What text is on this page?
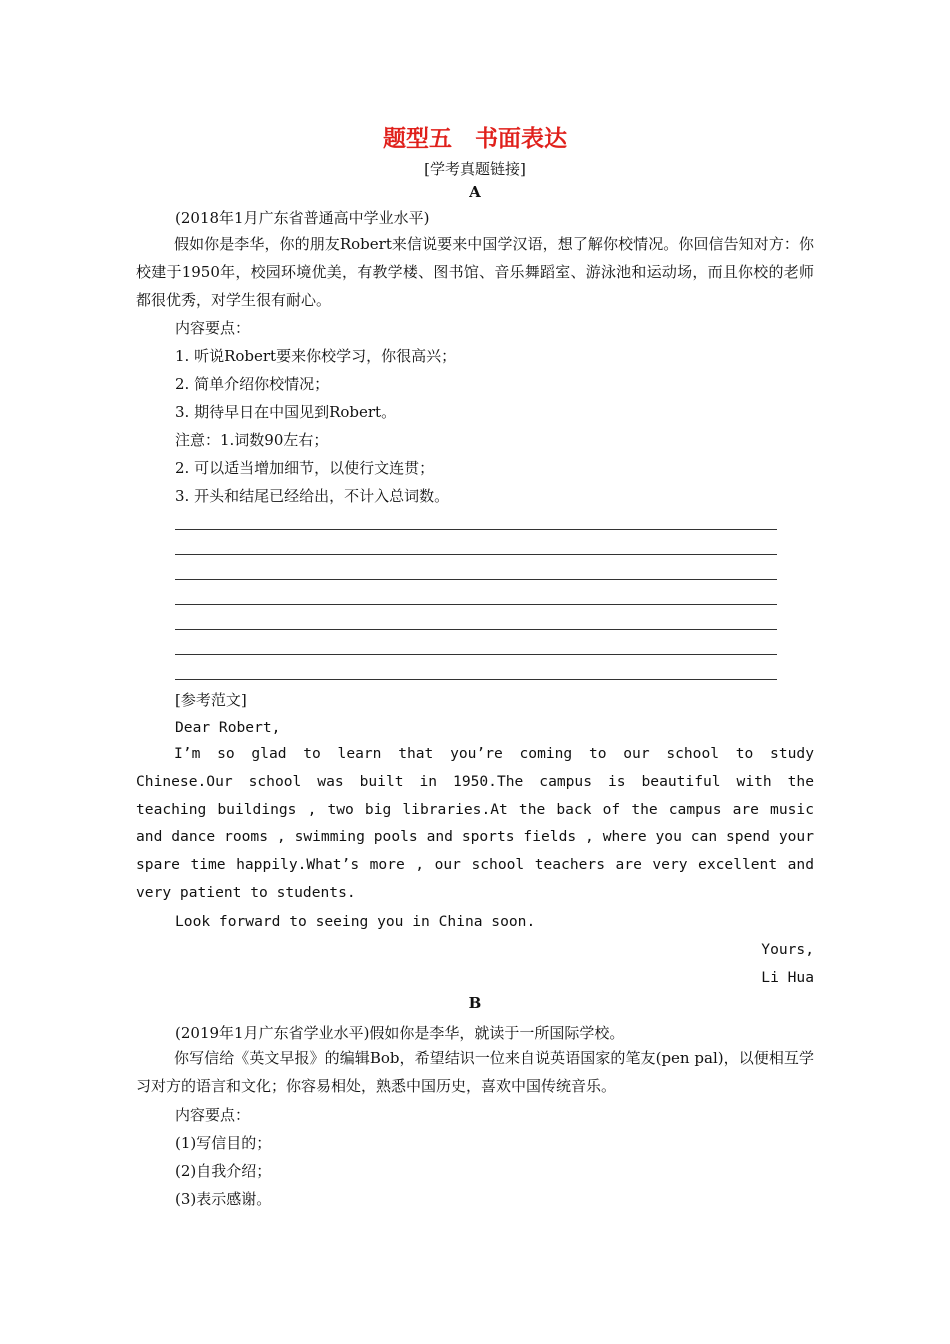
题型五　书面表达
[学考真题链接]
A
(2018年1月广东省普通高中学业水平)

假如你是李华，你的朋友Robert来信说要来中国学汉语，想了解你校情况。你回信告知对方：你校建于1950年，校园环境优美，有教学楼、图书馆、音乐舞蹈室、游泳池和运动场，而且你校的老师都很优秀，对学生很有耐心。

内容要点：
1. 听说Robert要来你校学习，你很高兴；
2. 简单介绍你校情况；
3. 期待早日在中国见到Robert。
注意：1.词数90左右；
2. 可以适当增加细节，以使行文连贯；
3. 开头和结尾已经给出，不计入总词数。
[参考范文]
Dear Robert,

I’m so glad to learn that you’re coming to our school to study Chinese.Our school was built in 1950.The campus is beautiful with the teaching buildings , two big libraries.At the back of the campus are music and dance rooms , swimming pools and sports fields , where you can spend your spare time happily.What’s more , our school teachers are very excellent and very patient to students.

Look forward to seeing you in China soon.
Yours,
Li Hua
B
(2019年1月广东省学业水平)假如你是李华，就读于一所国际学校。

你写信给《英文早报》的编辑Bob，希望结识一位来自说英语国家的笔友(pen pal)，以便相互学习对方的语言和文化；你容易相处，熟悉中国历史，喜欢中国传统音乐。

内容要点：
(1)写信目的；
(2)自我介绍；
(3)表示感谢。
